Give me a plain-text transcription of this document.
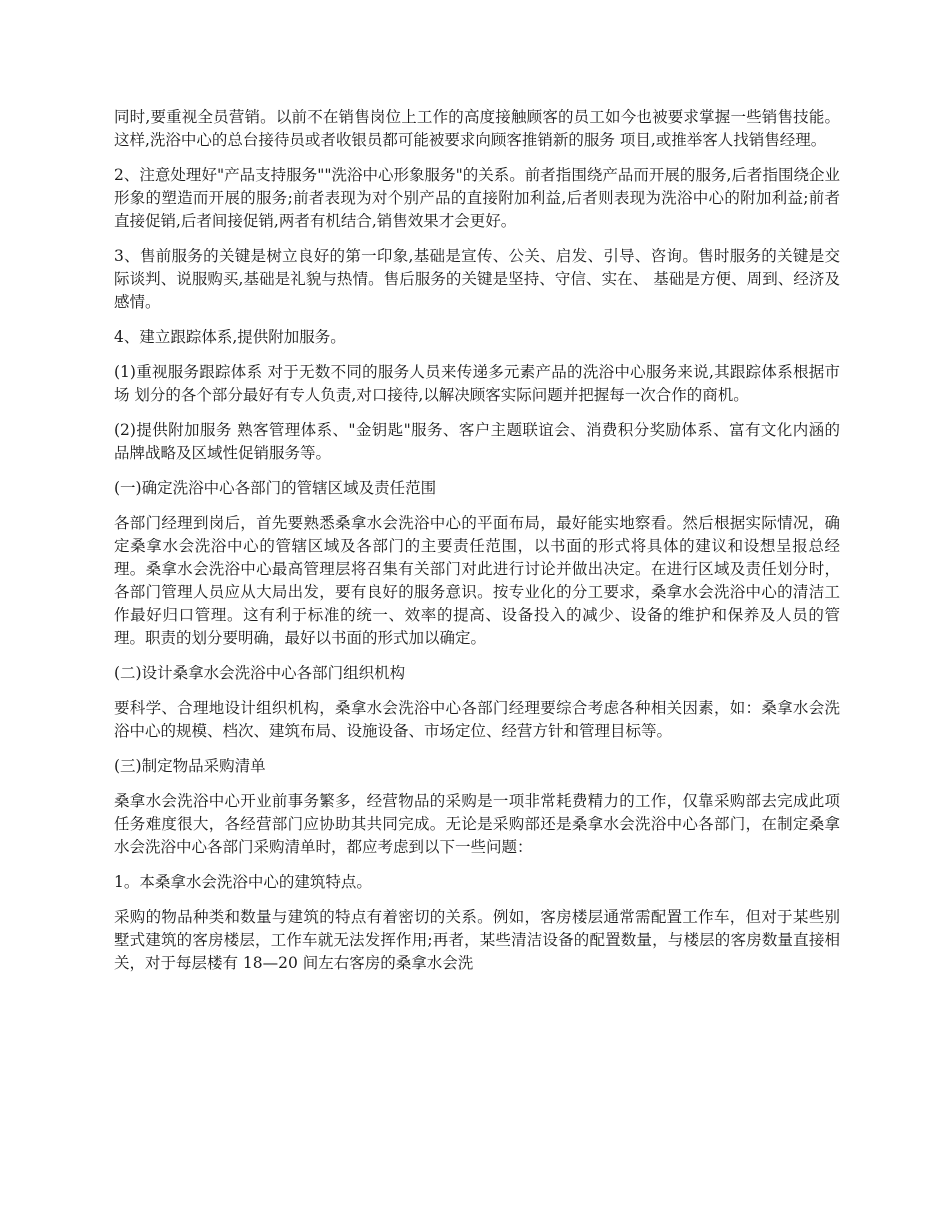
同时,要重视全员营销。以前不在销售岗位上工作的高度接触顾客的员工如今也被要求掌握一些销售技能。这样,洗浴中心的总台接待员或者收银员都可能被要求向顾客推销新的服务 项目,或推举客人找销售经理。

2、注意处理好"产品支持服务""洗浴中心形象服务"的关系。前者指围绕产品而开展的服务,后者指围绕企业形象的塑造而开展的服务;前者表现为对个别产品的直接附加利益,后者则表现为洗浴中心的附加利益;前者直接促销,后者间接促销,两者有机结合,销售效果才会更好。

3、售前服务的关键是树立良好的第一印象,基础是宣传、公关、启发、引导、咨询。售时服务的关键是交际谈判、说服购买,基础是礼貌与热情。售后服务的关键是坚持、守信、实在、 基础是方便、周到、经济及感情。

4、建立跟踪体系,提供附加服务。

(1)重视服务跟踪体系 对于无数不同的服务人员来传递多元素产品的洗浴中心服务来说,其跟踪体系根据市场 划分的各个部分最好有专人负责,对口接待,以解决顾客实际问题并把握每一次合作的商机。

(2)提供附加服务 熟客管理体系、"金钥匙"服务、客户主题联谊会、消费积分奖励体系、富有文化内涵的 品牌战略及区域性促销服务等。

(一)确定洗浴中心各部门的管辖区域及责任范围

各部门经理到岗后，首先要熟悉桑拿水会洗浴中心的平面布局，最好能实地察看。然后根据实际情况，确定桑拿水会洗浴中心的管辖区域及各部门的主要责任范围，以书面的形式将具体的建议和设想呈报总经理。桑拿水会洗浴中心最高管理层将召集有关部门对此进行讨论并做出决定。在进行区域及责任划分时，各部门管理人员应从大局出发，要有良好的服务意识。按专业化的分工要求，桑拿水会洗浴中心的清洁工作最好归口管理。这有利于标准的统一、效率的提高、设备投入的减少、设备的维护和保养及人员的管理。职责的划分要明确，最好以书面的形式加以确定。

(二)设计桑拿水会洗浴中心各部门组织机构

要科学、合理地设计组织机构，桑拿水会洗浴中心各部门经理要综合考虑各种相关因素，如：桑拿水会洗浴中心的规模、档次、建筑布局、设施设备、市场定位、经营方针和管理目标等。

(三)制定物品采购清单

桑拿水会洗浴中心开业前事务繁多，经营物品的采购是一项非常耗费精力的工作，仅靠采购部去完成此项任务难度很大，各经营部门应协助其共同完成。无论是采购部还是桑拿水会洗浴中心各部门，在制定桑拿水会洗浴中心各部门采购清单时，都应考虑到以下一些问题：

1。本桑拿水会洗浴中心的建筑特点。

采购的物品种类和数量与建筑的特点有着密切的关系。例如，客房楼层通常需配置工作车，但对于某些别墅式建筑的客房楼层，工作车就无法发挥作用;再者，某些清洁设备的配置数量，与楼层的客房数量直接相关，对于每层楼有 18—20 间左右客房的桑拿水会洗
